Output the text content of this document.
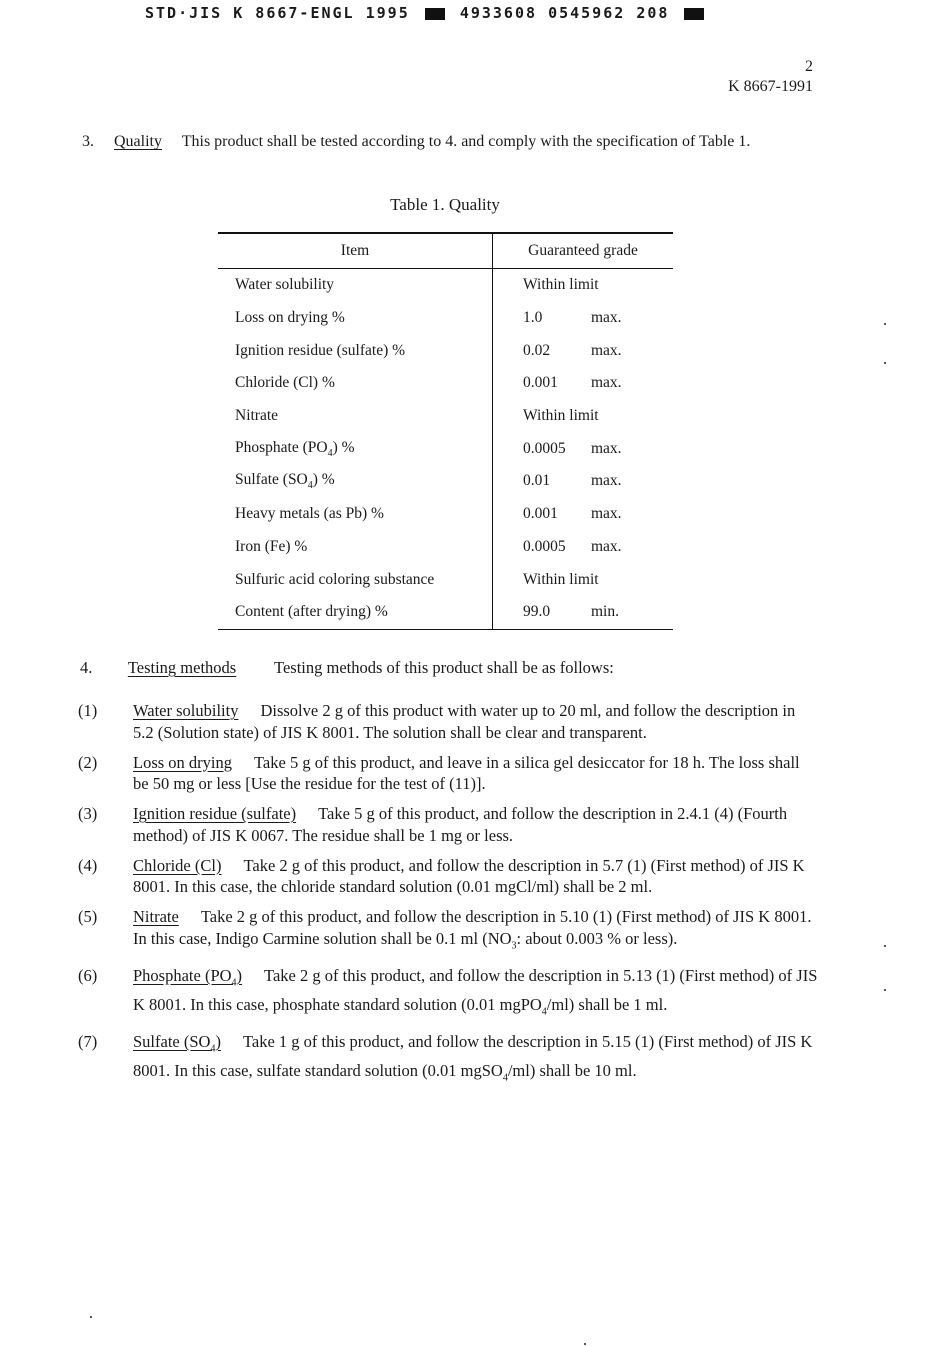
STD·JIS K 8667-ENGL 1995	4933608 0545962 208
2
K 8667-1991
3. Quality This product shall be tested according to 4. and comply with the specification of Table 1.
Table 1. Quality
Item	Guaranteed grade
Water solubility	Within limit
Loss on drying %	1.0 max.
Ignition residue (sulfate) %	0.02 max.
Chloride (Cl) %	0.001 max.
Nitrate	Within limit
Phosphate $(PO_4)$ %	0.0005 max.
Sulfate $(SO_4)$ %	0.01 max.
Heavy metals (as Pb) %	0.001 max.
Iron (Fe) %	0.0005 max.
Sulfuric acid coloring substance	Within limit
Content (after drying) %	99.0 min.
4. Testing methods Testing methods of this product shall be as follows:
(1) Water solubility Dissolve 2 g of this product with water up to 20 ml, and follow the description in 5.2 (Solution state) of JIS K 8001. The solution shall be clear and transparent.
(2) Loss on drying Take 5 g of this product, and leave in a silica gel desiccator for 18 h. The loss shall be 50 mg or less [Use the residue for the test of (11)].
(3) Ignition residue (sulfate) Take 5 g of this product, and follow the description in 2.4.1 (4) (Fourth method) of JIS K 0067. The residue shall be 1 mg or less.
(4) Chloride (Cl) Take 2 g of this product, and follow the description in 5.7 (1) (First method) of JIS K 8001. In this case, the chloride standard solution (0.01 mgCl/ml) shall be 2 ml.
(5) Nitrate Take 2 g of this product, and follow the description in 5.10 (1) (First method) of JIS K 8001. In this case, Indigo Carmine solution shall be 0.1 ml ($NO_3$: about 0.003 % or less).
(6) Phosphate $(PO_4)$ Take 2 g of this product, and follow the description in 5.13 (1) (First method) of JIS K 8001. In this case, phosphate standard solution (0.01 mgPO$_4$/ml) shall be 1 ml.
(7) Sulfate $(SO_4)$ Take 1 g of this product, and follow the description in 5.15 (1) (First method) of JIS K 8001. In this case, sulfate standard solution (0.01 mgSO$_4$/ml) shall be 10 ml.
